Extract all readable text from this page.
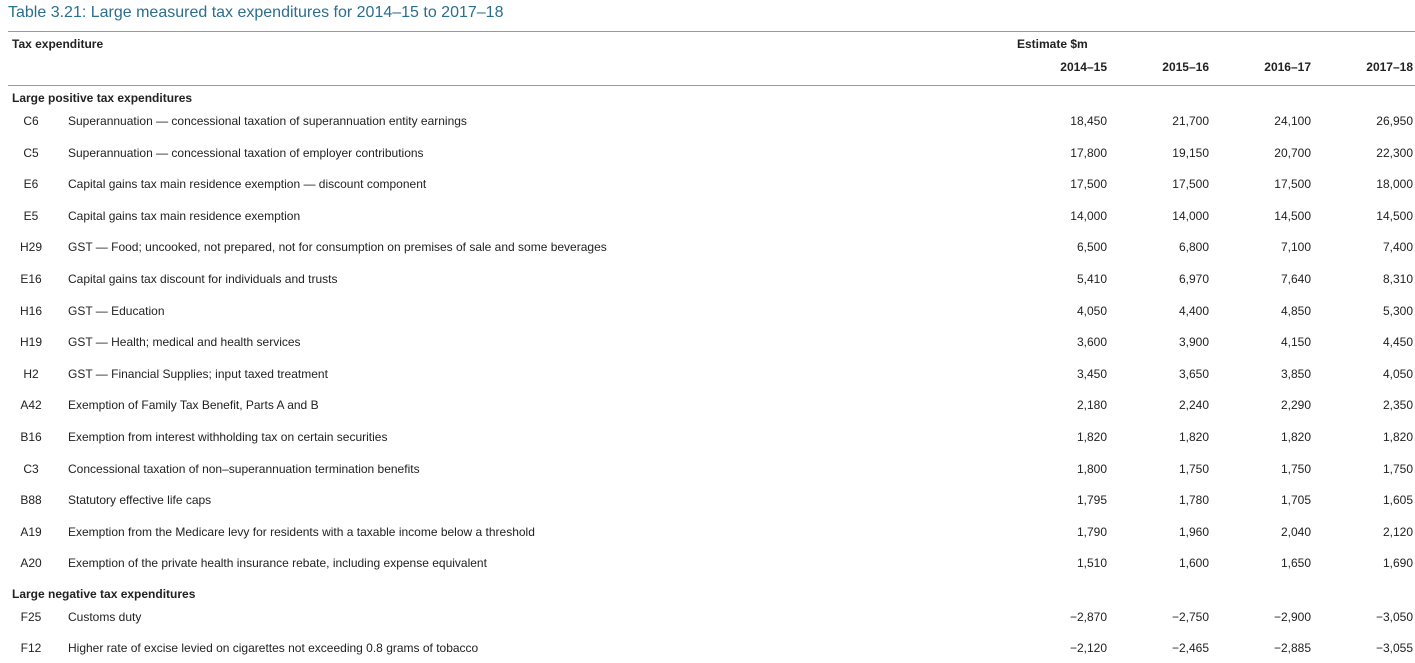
Table 3.21: Large measured tax expenditures for 2014–15 to 2017–18
Tax expenditure	Estimate $m
2014–15	2015–16	2016–17	2017–18
Large positive tax expenditures
C6	Superannuation — concessional taxation of superannuation entity earnings	18,450	21,700	24,100	26,950
C5	Superannuation — concessional taxation of employer contributions	17,800	19,150	20,700	22,300
E6	Capital gains tax main residence exemption — discount component	17,500	17,500	17,500	18,000
E5	Capital gains tax main residence exemption	14,000	14,000	14,500	14,500
H29	GST — Food; uncooked, not prepared, not for consumption on premises of sale and some beverages	6,500	6,800	7,100	7,400
E16	Capital gains tax discount for individuals and trusts	5,410	6,970	7,640	8,310
H16	GST — Education	4,050	4,400	4,850	5,300
H19	GST — Health; medical and health services	3,600	3,900	4,150	4,450
H2	GST — Financial Supplies; input taxed treatment	3,450	3,650	3,850	4,050
A42	Exemption of Family Tax Benefit, Parts A and B	2,180	2,240	2,290	2,350
B16	Exemption from interest withholding tax on certain securities	1,820	1,820	1,820	1,820
C3	Concessional taxation of non–superannuation termination benefits	1,800	1,750	1,750	1,750
B88	Statutory effective life caps	1,795	1,780	1,705	1,605
A19	Exemption from the Medicare levy for residents with a taxable income below a threshold	1,790	1,960	2,040	2,120
A20	Exemption of the private health insurance rebate, including expense equivalent	1,510	1,600	1,650	1,690
Large negative tax expenditures
F25	Customs duty	−2,870	−2,750	−2,900	−3,050
F12	Higher rate of excise levied on cigarettes not exceeding 0.8 grams of tobacco	−2,120	−2,465	−2,885	−3,055
